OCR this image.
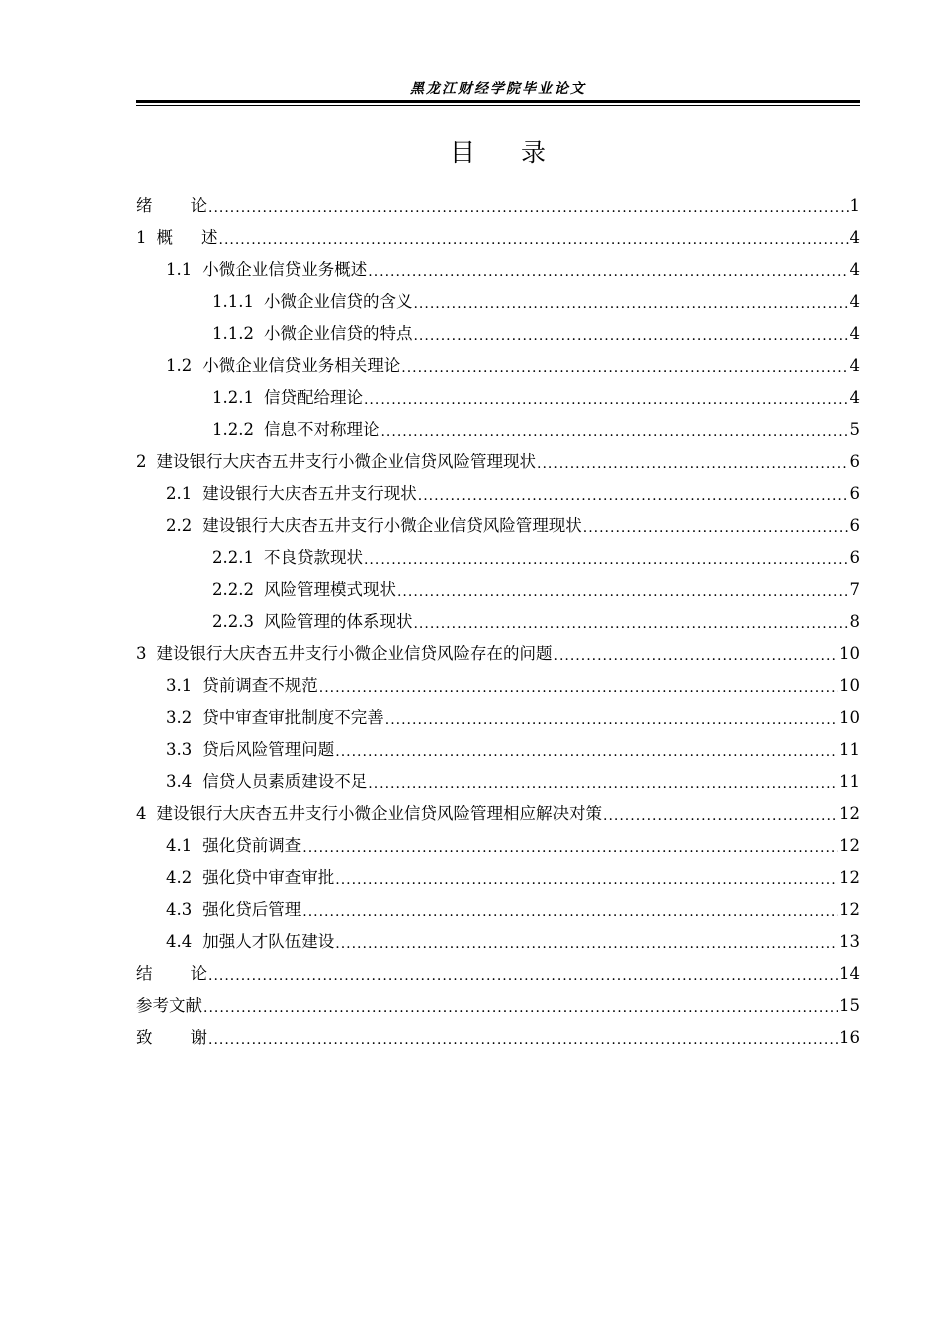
黑龙江财经学院毕业论文
目 录
绪论 .....	1
1 概述 .....	4
1.1 小微企业信贷业务概述 .....	4
1.1.1 小微企业信贷的含义 .....	4
1.1.2 小微企业信贷的特点 .....	4
1.2 小微企业信贷业务相关理论 .....	4
1.2.1 信贷配给理论 .....	4
1.2.2 信息不对称理论 .....	5
2 建设银行大庆杏五井支行小微企业信贷风险管理现状 .....	6
2.1 建设银行大庆杏五井支行现状 .....	6
2.2 建设银行大庆杏五井支行小微企业信贷风险管理现状 .....	6
2.2.1 不良贷款现状 .....	6
2.2.2 风险管理模式现状 .....	7
2.2.3 风险管理的体系现状 .....	8
3 建设银行大庆杏五井支行小微企业信贷风险存在的问题 .....	10
3.1 贷前调查不规范 .....	10
3.2 贷中审查审批制度不完善 .....	10
3.3 贷后风险管理问题 .....	11
3.4 信贷人员素质建设不足 .....	11
4 建设银行大庆杏五井支行小微企业信贷风险管理相应解决对策 .....	12
4.1 强化贷前调查 .....	12
4.2 强化贷中审查审批 .....	12
4.3 强化贷后管理 .....	12
4.4 加强人才队伍建设 .....	13
结论 .....	14
参考文献 .....	15
致谢 .....	16
